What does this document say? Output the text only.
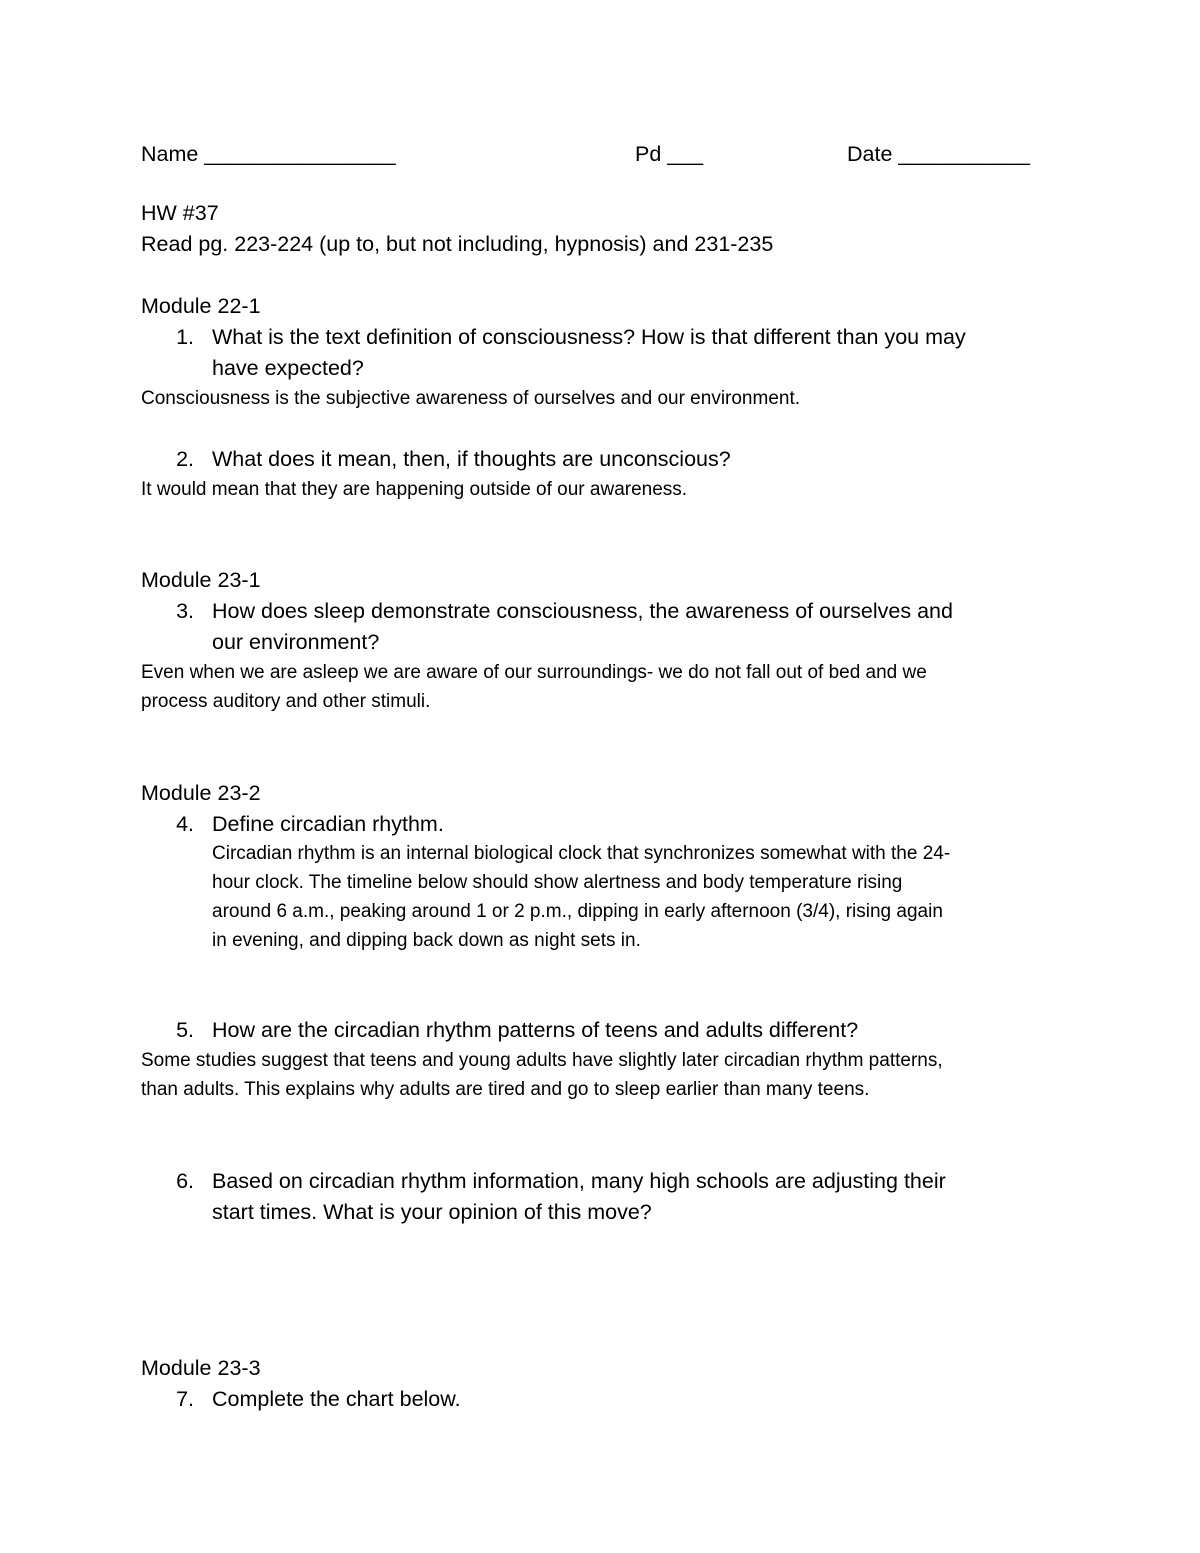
Name ________________	Pd ___	Date ___________
HW #37
Read pg. 223-224 (up to, but not including, hypnosis) and 231-235
Module 22-1
1. What is the text definition of consciousness? How is that different than you may
have expected?
Consciousness is the subjective awareness of ourselves and our environment.
2. What does it mean, then, if thoughts are unconscious?
It would mean that they are happening outside of our awareness.
Module 23-1
3. How does sleep demonstrate consciousness, the awareness of ourselves and
our environment?
Even when we are asleep we are aware of our surroundings- we do not fall out of bed and we
process auditory and other stimuli.
Module 23-2
4. Define circadian rhythm.
Circadian rhythm is an internal biological clock that synchronizes somewhat with the 24-
hour clock. The timeline below should show alertness and body temperature rising
around 6 a.m., peaking around 1 or 2 p.m., dipping in early afternoon (3/4), rising again
in evening, and dipping back down as night sets in.
5. How are the circadian rhythm patterns of teens and adults different?
Some studies suggest that teens and young adults have slightly later circadian rhythm patterns,
than adults. This explains why adults are tired and go to sleep earlier than many teens.
6. Based on circadian rhythm information, many high schools are adjusting their
start times. What is your opinion of this move?
Module 23-3
7. Complete the chart below.
